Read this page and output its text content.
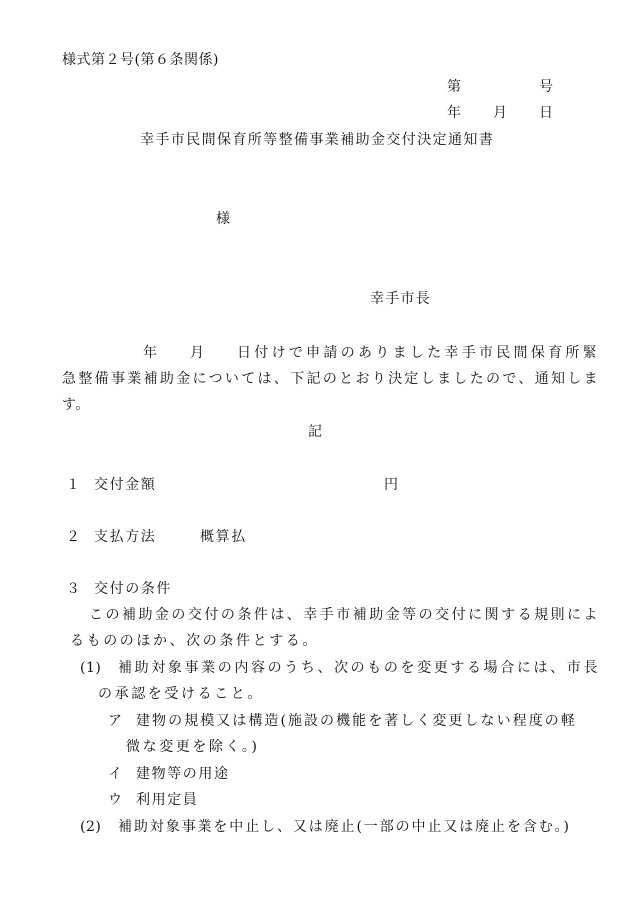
様式第２号(第６条関係)
第	号
年 月 日
幸手市民間保育所等整備事業補助金交付決定通知書
様
幸手市長
年 月 日付けで申請のありました幸手市民間保育所緊
急整備事業補助金については、下記のとおり決定しましたので、通知しま
す。
記
１ 交付金額	円
２ 支払方法	概算払
３ 交付の条件
この補助金の交付の条件は、幸手市補助金等の交付に関する規則によ
るもののほか、次の条件とする。
(1) 補助対象事業の内容のうち、次のものを変更する場合には、市長
の承認を受けること。
ア 建物の規模又は構造(施設の機能を著しく変更しない程度の軽
微な変更を除く。)
イ 建物等の用途
ウ 利用定員
(2) 補助対象事業を中止し、又は廃止(一部の中止又は廃止を含む。)
